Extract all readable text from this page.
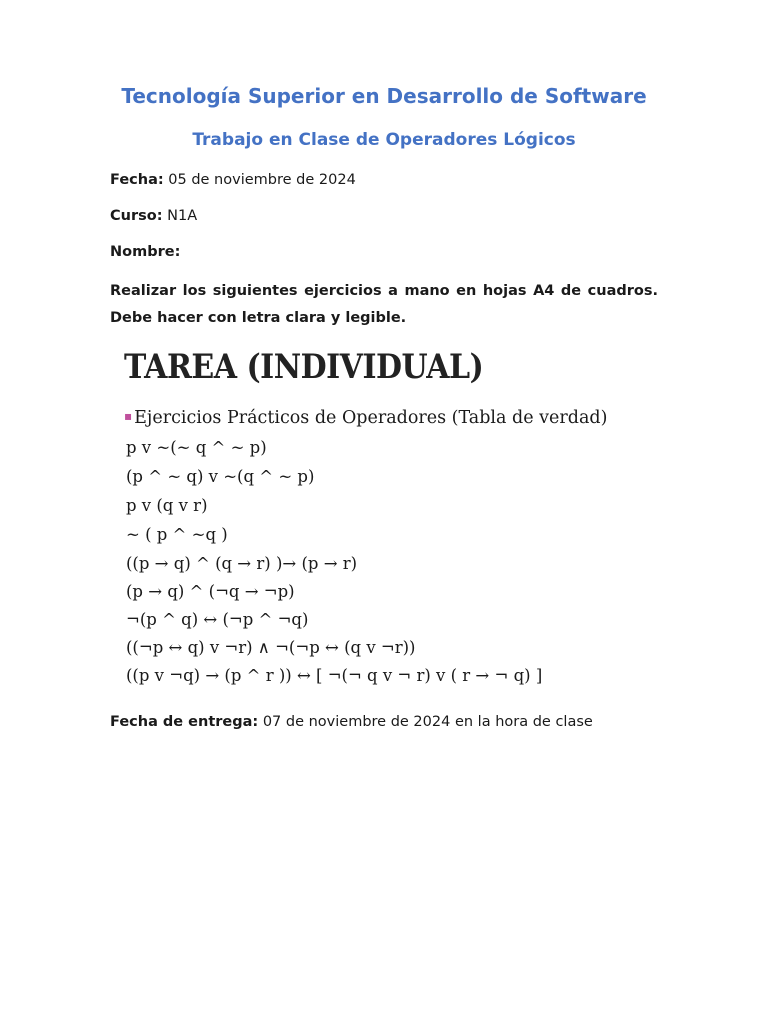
Tecnología Superior en Desarrollo de Software
Trabajo en Clase de Operadores Lógicos
Fecha: 05 de noviembre de 2024
Curso: N1A
Nombre:
Realizar los siguientes ejercicios a mano en hojas A4 de cuadros. Debe hacer con letra clara y legible.
TAREA (INDIVIDUAL)
▪ Ejercicios Prácticos de Operadores (Tabla de verdad)
p v ~(~ q ^ ~ p)
(p ^ ~ q) v ~(q ^ ~ p)
p v (q v r)
~ ( p ^ ~q )
((p → q) ^ (q → r) )→ (p → r)
(p → q) ^ (¬q → ¬p)
¬(p ^ q) ↔ (¬p ^ ¬q)
((¬p ↔ q) v ¬r) ∧ ¬(¬p ↔ (q v ¬r))
((p v ¬q) → (p ^ r )) ↔ [ ¬(¬ q v ¬ r) v ( r → ¬ q) ]
Fecha de entrega: 07 de noviembre de 2024 en la hora de clase
